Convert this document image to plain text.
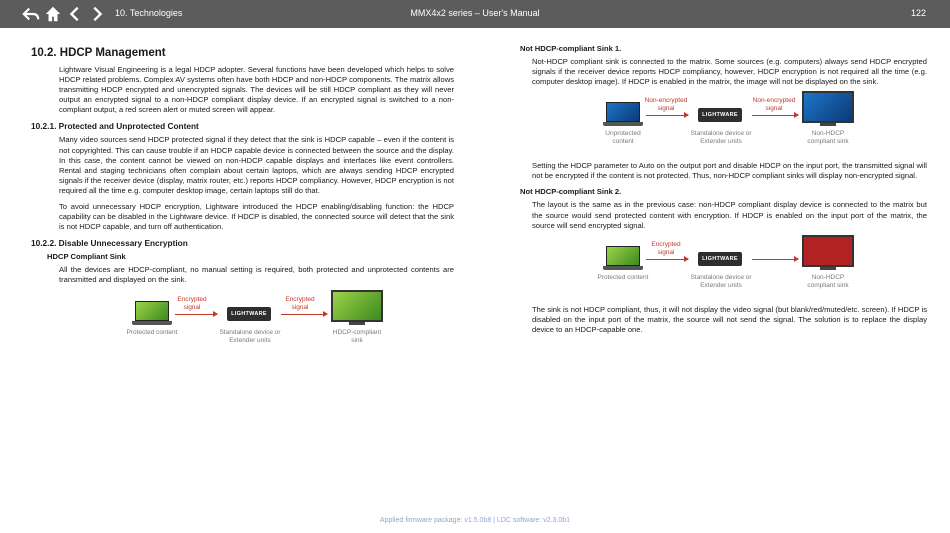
10. Technologies	MMX4x2 series – User's Manual	122
10.2. HDCP Management

Lightware Visual Engineering is a legal HDCP adopter. Several functions have been developed which helps to solve HDCP related problems. Complex AV systems often have both HDCP and non-HDCP components. The matrix allows transmitting HDCP encrypted and unencrypted signals. The devices will be still HDCP compliant as they will never output an encrypted signal to a non-HDCP compliant display device. If an encrypted signal is switched to a non-compliant output, a red screen alert or muted screen will appear.

10.2.1. Protected and Unprotected Content

Many video sources send HDCP protected signal if they detect that the sink is HDCP capable – even if the content is not copyrighted. This can cause trouble if an HDCP capable device is connected between the source and the display. In this case, the content cannot be viewed on non-HDCP capable displays and interfaces like event controllers. Rental and staging technicians often complain about certain laptops, which are always sending HDCP encrypted signals if the receiver device (display, matrix router, etc.) reports HDCP compliancy. However, HDCP encryption is not required all the time e.g. computer desktop image, certain laptops still do that.

To avoid unnecessary HDCP encryption, Lightware introduced the HDCP enabling/disabling function: the HDCP capability can be disabled in the Lightware device. If HDCP is disabled, the connected source will detect that the sink is not HDCP capable, and turn off authentication.

10.2.2. Disable Unnecessary Encryption
HDCP Compliant Sink

All the devices are HDCP-compliant, no manual setting is required, both protected and unprotected contents are transmitted and displayed on the sink.

Protected content
Encrypted signal
LIGHTWARE
Standalone device or Extender units
Encrypted signal
HDCP-compliant sink
Not HDCP-compliant Sink 1.

Not-HDCP compliant sink is connected to the matrix. Some sources (e.g. computers) always send HDCP encrypted signals if the receiver device reports HDCP compliancy, however, HDCP encryption is not required all the time (e.g. computer desktop image). If HDCP is enabled in the matrix, the image will not be displayed on the sink.

Unprotected content
Non-encrypted signal
LIGHTWARE
Standalone device or Extender units
Non-encrypted signal
Non-HDCP compliant sink

Setting the HDCP parameter to Auto on the output port and disable HDCP on the input port, the transmitted signal will not be encrypted if the content is not protected. Thus, non-HDCP compliant sinks will display non-encrypted signal.

Not HDCP-compliant Sink 2.

The layout is the same as in the previous case: non-HDCP compliant display device is connected to the matrix but the source would send protected content with encryption. If HDCP is enabled on the input port of the matrix, the source will send encrypted signal.

Protected content
Encrypted signal
LIGHTWARE
Standalone device or Extender units
Non-HDCP compliant sink

The sink is not HDCP compliant, thus, it will not display the video signal (but blank/red/muted/etc. screen). If HDCP is disabled on the input port of the matrix, the source will not send the signal. The solution is to replace the display device to an HDCP-capable one.

Applied firmware package: v1.5.0b8 | LDC software: v2.3.0b1
